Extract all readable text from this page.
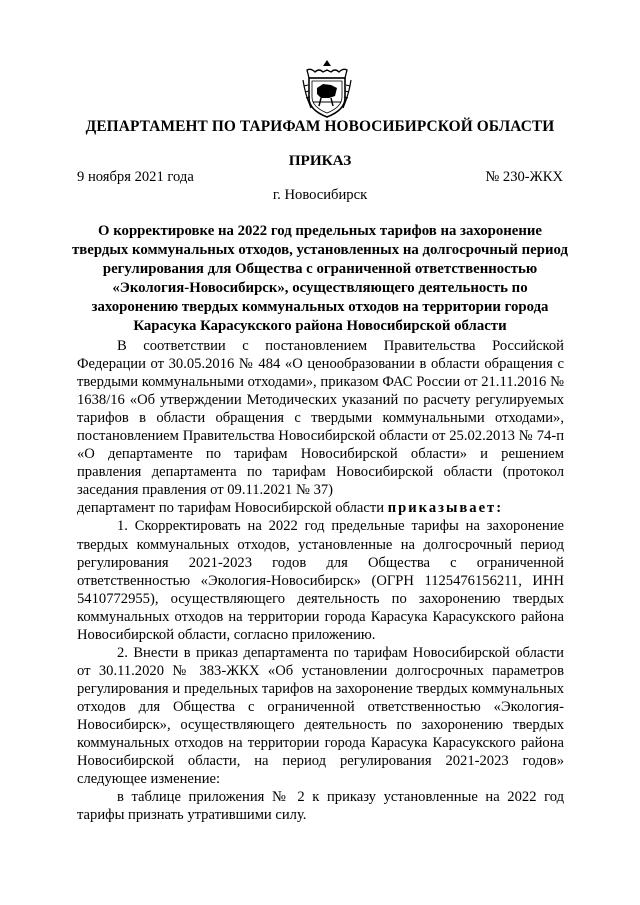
ДЕПАРТАМЕНТ ПО ТАРИФАМ НОВОСИБИРСКОЙ ОБЛАСТИ
ПРИКАЗ
9 ноября 2021 года	№ 230-ЖКХ
г. Новосибирск
О корректировке на 2022 год предельных тарифов на захоронение твердых коммунальных отходов, установленных на долгосрочный период регулирования для Общества с ограниченной ответственностью «Экология-Новосибирск», осуществляющего деятельность по захоронению твердых коммунальных отходов на территории города Карасука Карасукского района Новосибирской области

В соответствии с постановлением Правительства Российской Федерации от 30.05.2016 № 484 «О ценообразовании в области обращения с твердыми коммунальными отходами», приказом ФАС России от 21.11.2016 № 1638/16 «Об утверждении Методических указаний по расчету регулируемых тарифов в области обращения с твердыми коммунальными отходами», постановлением Правительства Новосибирской области от 25.02.2013 № 74-п «О департаменте по тарифам Новосибирской области» и решением правления департамента по тарифам Новосибирской области (протокол заседания правления от 09.11.2021 № 37)

департамент по тарифам Новосибирской области приказывает:

1. Скорректировать на 2022 год предельные тарифы на захоронение твердых коммунальных отходов, установленные на долгосрочный период регулирования 2021-2023 годов для Общества с ограниченной ответственностью «Экология-Новосибирск» (ОГРН 1125476156211, ИНН 5410772955), осуществляющего деятельность по захоронению твердых коммунальных отходов на территории города Карасука Карасукского района Новосибирской области, согласно приложению.

2. Внести в приказ департамента по тарифам Новосибирской области от 30.11.2020 № 383-ЖКХ «Об установлении долгосрочных параметров регулирования и предельных тарифов на захоронение твердых коммунальных отходов для Общества с ограниченной ответственностью «Экология-Новосибирск», осуществляющего деятельность по захоронению твердых коммунальных отходов на территории города Карасука Карасукского района Новосибирской области, на период регулирования 2021-2023 годов» следующее изменение:

в таблице приложения № 2 к приказу установленные на 2022 год тарифы признать утратившими силу.
